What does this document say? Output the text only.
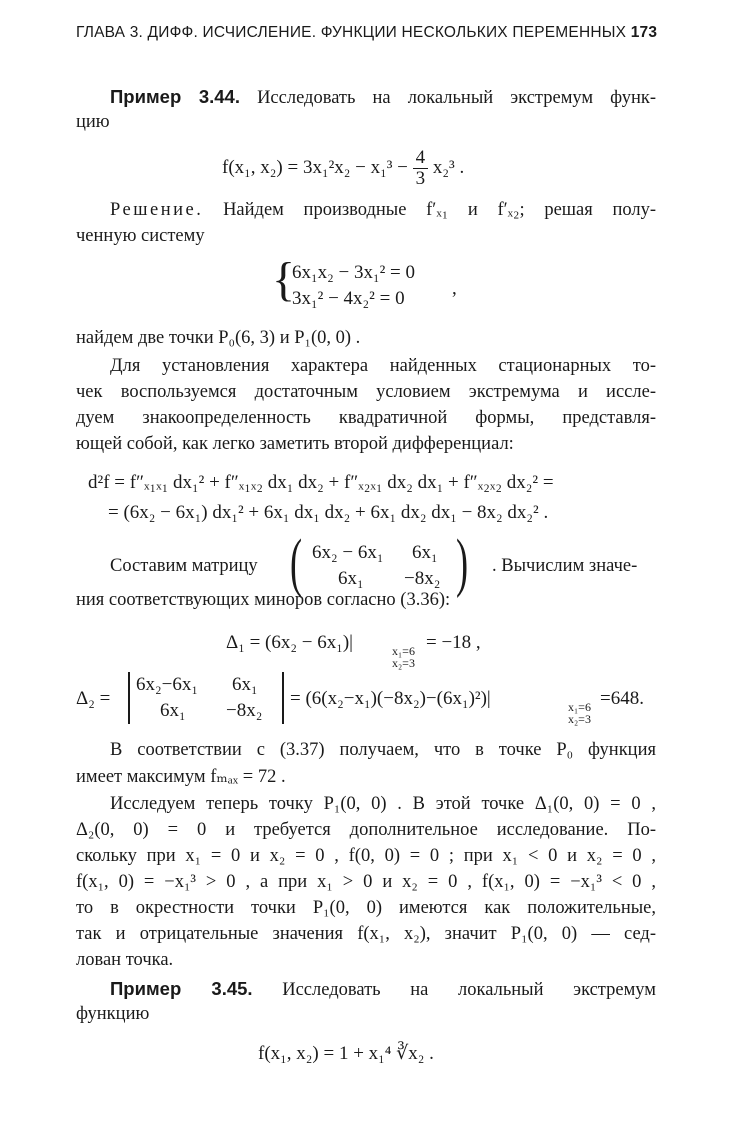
ГЛАВА 3. ДИФФ. ИСЧИСЛЕНИЕ. ФУНКЦИИ НЕСКОЛЬКИХ ПЕРЕМЕННЫХ 173
Пример 3.44. Исследовать на локальный экстремум функ-
цию
f(x₁, $x_2) = 3x_1^2x_2 - x_1^3 - \frac{4}{3} x_2^3$ .
Решение. Найдем производные f′ₓ₁ и f′ₓ₂; решая полу-
ченную систему
{
6x₁x₂ − 3x₁² = 0
3x₁² − 4x₂² = 0 ,
найдем две точки P₀(6, 3) и P₁(0, 0) .
Для установления характера найденных стационарных то-
чек воспользуемся достаточным условием экстремума и иссле-
дуем знакоопределенность квадратичной формы, представля-
ющей собой, как легко заметить второй дифференциал:
d²f = f″ₓ₁ₓ₁ dx₁² + f″ₓ₁ₓ₂ dx₁ dx₂ + f″ₓ₂ₓ₁ dx₂ dx₁ + f″ₓ₂ₓ₂ dx₂² =
= (6x₂ − 6x₁) dx₁² + 6x₁ dx₁ dx₂ + 6x₁ dx₂ dx₁ − 8x₂ dx₂² .
Составим матрицу ( 6x₂ − 6x₁ 6x₁
6x₁ −8x₂ ) . Вычислим значе-
ния соответствующих миноров согласно (3.36):
Δ₁ = (6x₂ − 6x₁)|	x₁=6
x₂=3
= −18 ,
Δ₂ =
6x₂−6x₁ 6x₁
6x₁ −8x₂
= (6(x₂−x₁)(−8x₂)−(6x₁)²)|	x₁=6
x₂=3
=648.
В соответствии с (3.37) получаем, что в точке P₀ функция
имеет максимум fₘₐₓ = 72 .
Исследуем теперь точку P₁(0, 0) . В этой точке Δ₁(0, 0) = 0 ,
Δ₂(0, 0) = 0 и требуется дополнительное исследование. По-
скольку при x₁ = 0 и x₂ = 0 , f(0, 0) = 0 ; при x₁ < 0 и x₂ = 0 ,
f(x₁, 0) = −x₁³ > 0 , а при x₁ > 0 и x₂ = 0 , f(x₁, 0) = −x₁³ < 0 ,
то в окрестности точки P₁(0, 0) имеются как положительные,
так и отрицательные значения f(x₁, x₂), значит P₁(0, 0) — сед-
лован точка.
Пример 3.45. Исследовать на локальный экстремум
функцию
f(x₁, x₂) = 1 + x₁⁴ ∛x₂ .
